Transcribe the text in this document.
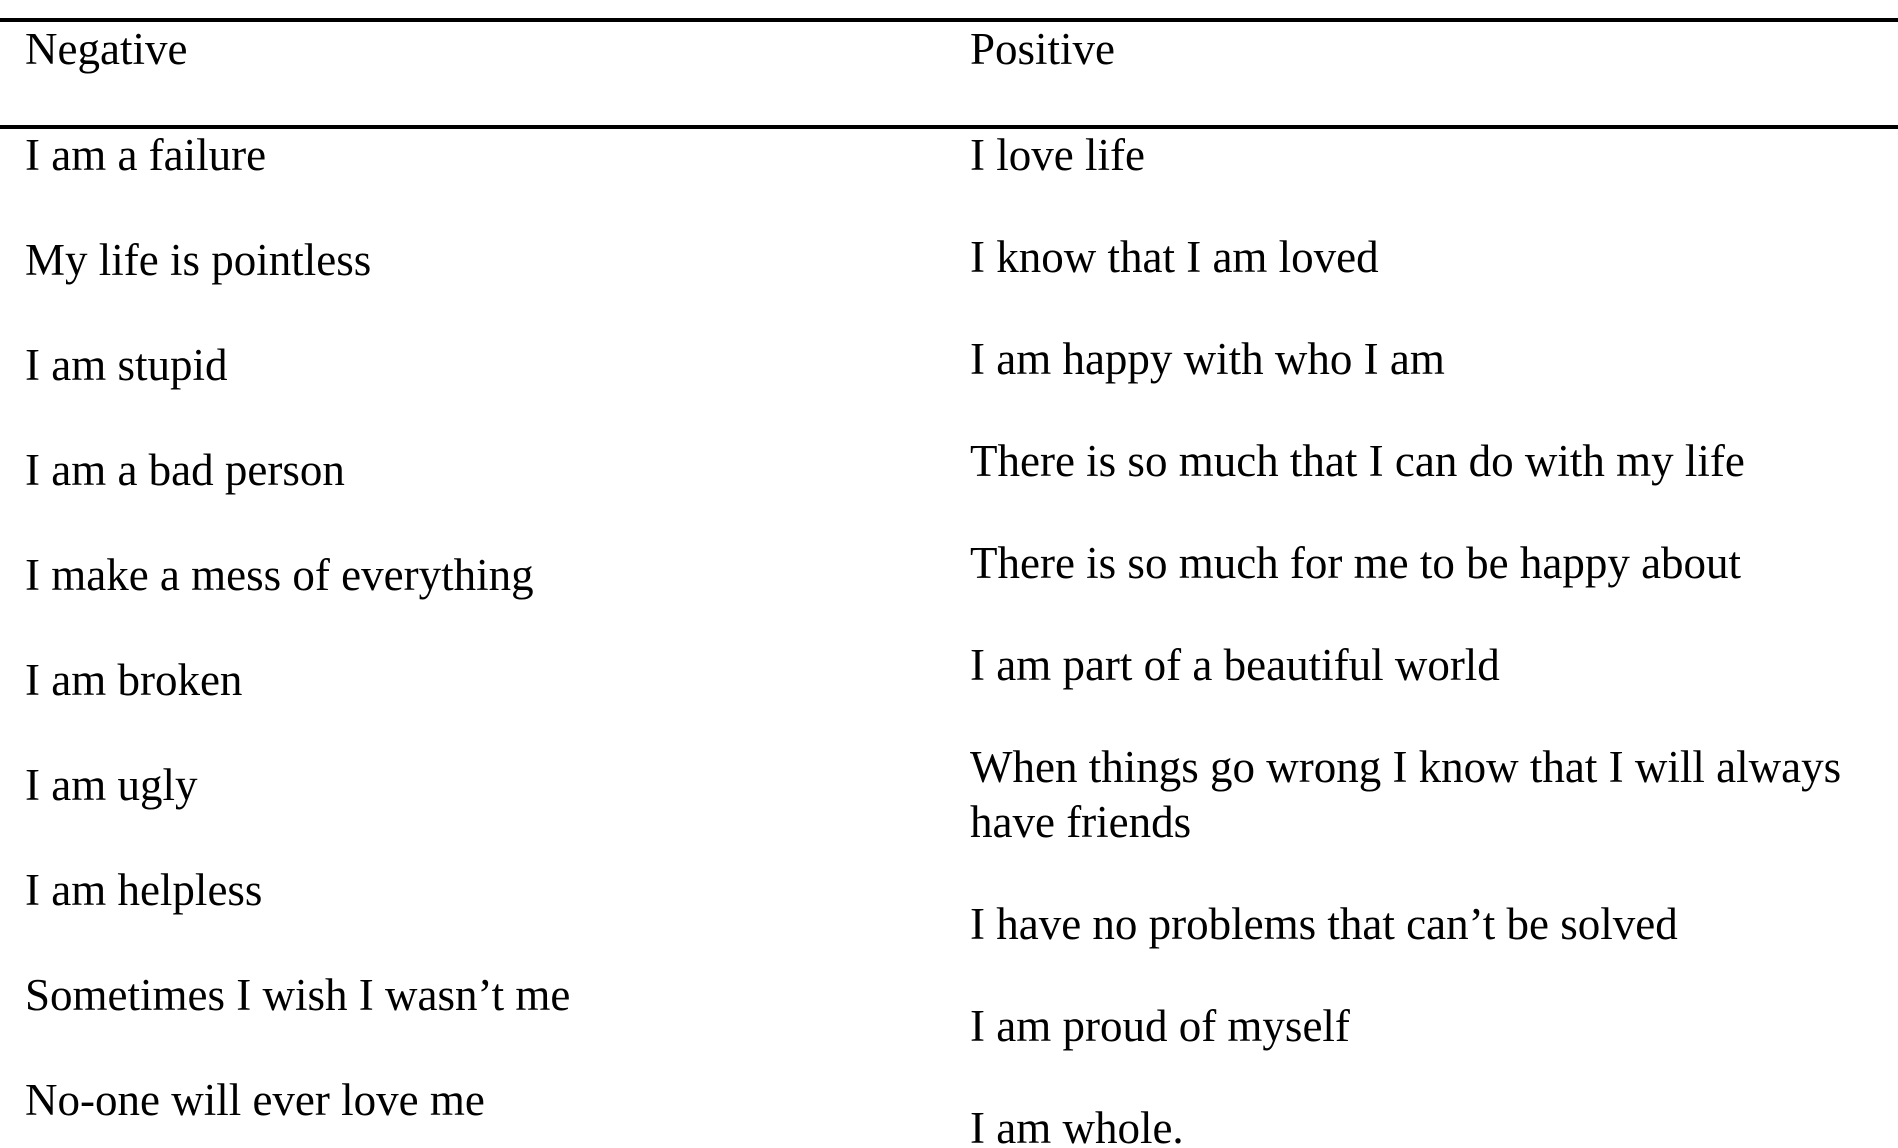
Negative	Positive

I am a failure

My life is pointless

I am stupid

I am a bad person

I make a mess of everything

I am broken

I am ugly

I am helpless

Sometimes I wish I wasn’t me

No-one will ever love me

I love life

I know that I am loved

I am happy with who I am

There is so much that I can do with my life

There is so much for me to be happy about

I am part of a beautiful world

When things go wrong I know that I will always have friends

I have no problems that can’t be solved

I am proud of myself

I am whole.
